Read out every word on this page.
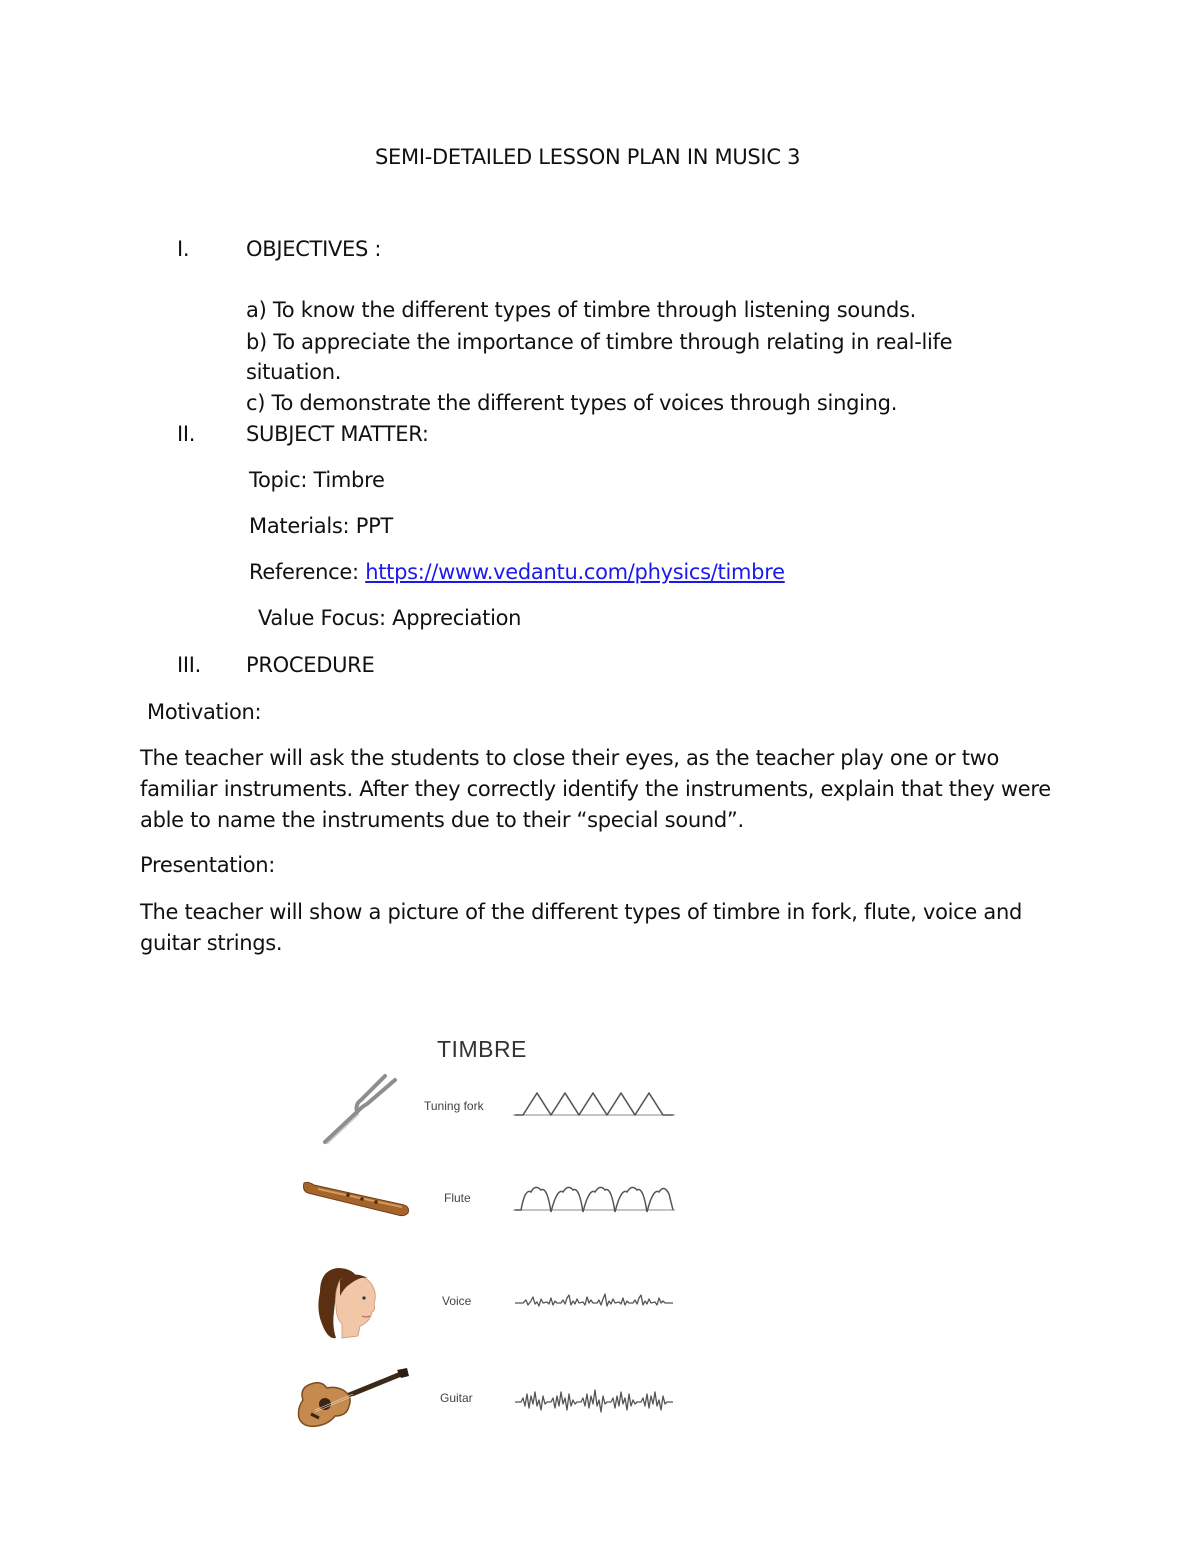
SEMI-DETAILED LESSON PLAN IN MUSIC 3
I.	OBJECTIVES :
a) To know the different types of timbre through listening sounds.
b) To appreciate the importance of timbre through relating in real-life
situation.
c) To demonstrate the different types of voices through singing.
II. SUBJECT MATTER:
Topic: Timbre
Materials: PPT
Reference: https://www.vedantu.com/physics/timbre
Value Focus: Appreciation
III. PROCEDURE
Motivation:
The teacher will ask the students to close their eyes, as the teacher play one or two familiar instruments. After they correctly identify the instruments, explain that they were able to name the instruments due to their “special sound”.
Presentation:
The teacher will show a picture of the different types of timbre in fork, flute, voice and guitar strings.
TIMBRE
Tuning fork
Flute
Voice
Guitar
